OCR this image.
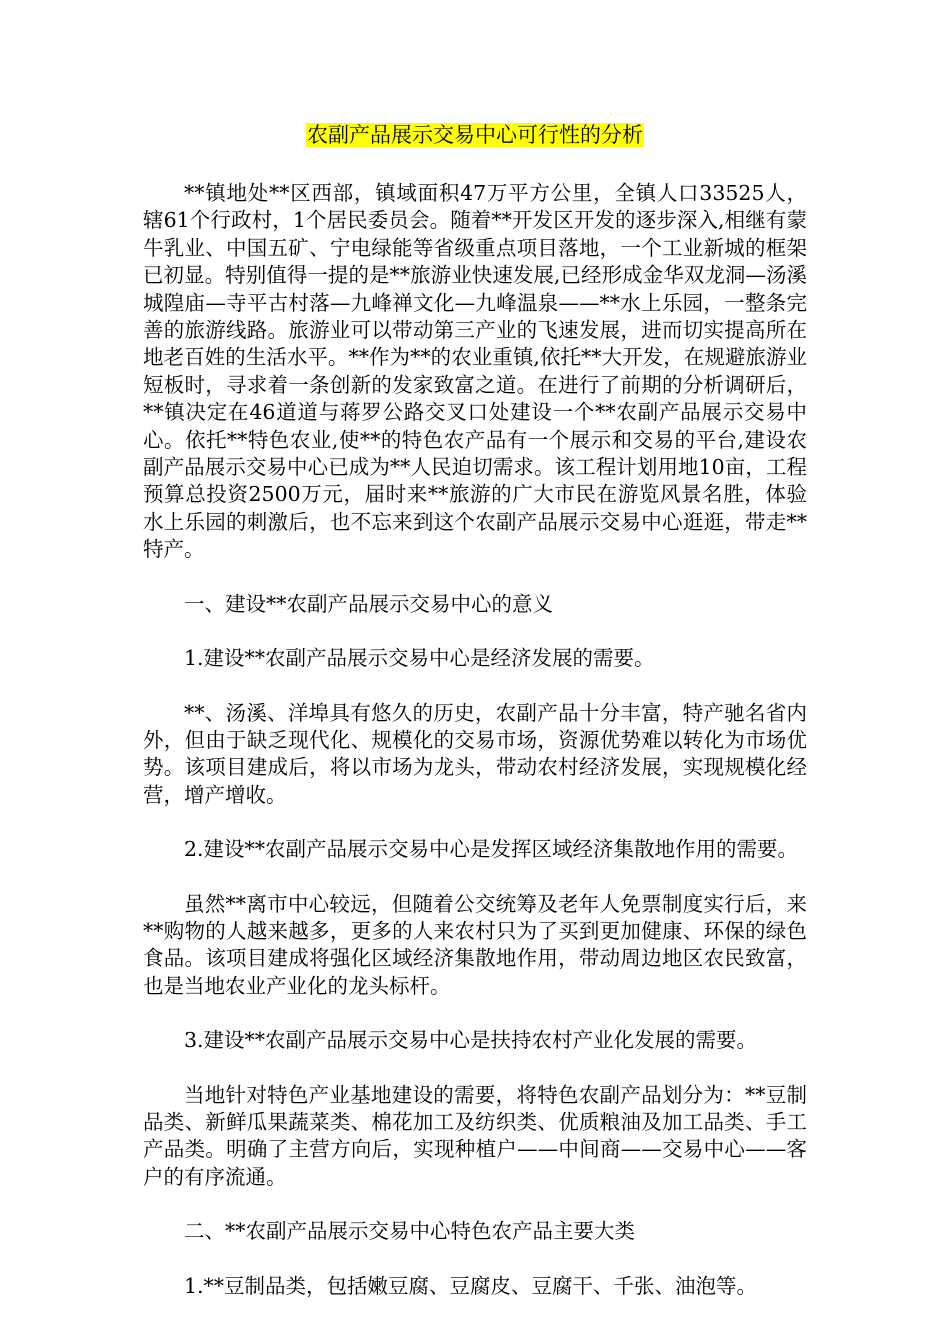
农副产品展示交易中心可行性的分析

**镇地处**区西部，镇域面积47万平方公里，全镇人口33525人，辖61个行政村，1个居民委员会。随着**开发区开发的逐步深入,相继有蒙牛乳业、中国五矿、宁电绿能等省级重点项目落地，一个工业新城的框架已初显。特别值得一提的是**旅游业快速发展,已经形成金华双龙洞—汤溪城隍庙—寺平古村落—九峰禅文化—九峰温泉——**水上乐园，一整条完善的旅游线路。旅游业可以带动第三产业的飞速发展，进而切实提高所在地老百姓的生活水平。**作为**的农业重镇,依托**大开发，在规避旅游业短板时，寻求着一条创新的发家致富之道。在进行了前期的分析调研后，**镇决定在46道道与蒋罗公路交叉口处建设一个**农副产品展示交易中心。依托**特色农业,使**的特色农产品有一个展示和交易的平台,建设农副产品展示交易中心已成为**人民迫切需求。该工程计划用地10亩，工程预算总投资2500万元，届时来**旅游的广大市民在游览风景名胜，体验水上乐园的刺激后，也不忘来到这个农副产品展示交易中心逛逛，带走**特产。

一、建设**农副产品展示交易中心的意义

1.建设**农副产品展示交易中心是经济发展的需要。

**、汤溪、洋埠具有悠久的历史，农副产品十分丰富，特产驰名省内外，但由于缺乏现代化、规模化的交易市场，资源优势难以转化为市场优势。该项目建成后，将以市场为龙头，带动农村经济发展，实现规模化经营，增产增收。

2.建设**农副产品展示交易中心是发挥区域经济集散地作用的需要。

虽然**离市中心较远，但随着公交统筹及老年人免票制度实行后，来**购物的人越来越多，更多的人来农村只为了买到更加健康、环保的绿色食品。该项目建成将强化区域经济集散地作用，带动周边地区农民致富，也是当地农业产业化的龙头标杆。

3.建设**农副产品展示交易中心是扶持农村产业化发展的需要。

当地针对特色产业基地建设的需要，将特色农副产品划分为：**豆制品类、新鲜瓜果蔬菜类、棉花加工及纺织类、优质粮油及加工品类、手工产品类。明确了主营方向后，实现种植户——中间商——交易中心——客户的有序流通。

二、**农副产品展示交易中心特色农产品主要大类

1.**豆制品类，包括嫩豆腐、豆腐皮、豆腐干、千张、油泡等。
